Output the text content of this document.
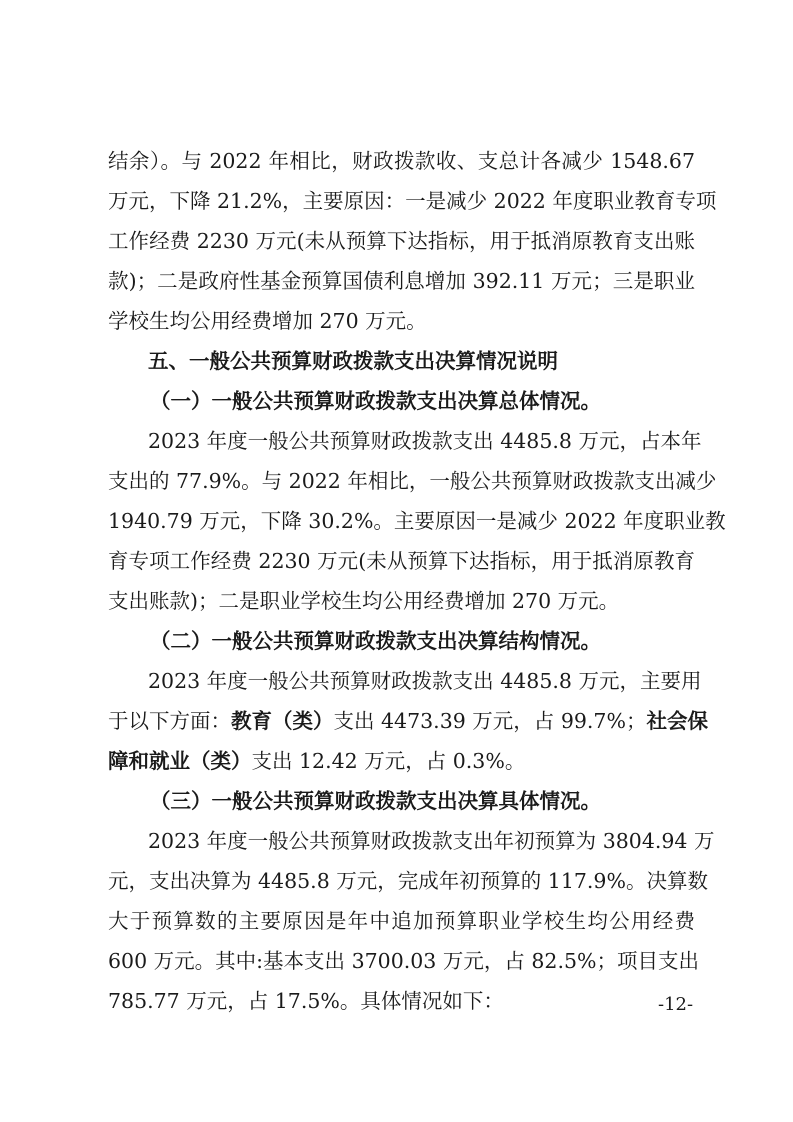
结余）。与 2022 年相比，财政拨款收、支总计各减少 1548.67
万元，下降 21.2%，主要原因：一是减少 2022 年度职业教育专项
工作经费 2230 万元(未从预算下达指标，用于抵消原教育支出账
款)；二是政府性基金预算国债利息增加 392.11 万元；三是职业
学校生均公用经费增加 270 万元。
五、一般公共预算财政拨款支出决算情况说明
（一）一般公共预算财政拨款支出决算总体情况。
2023 年度一般公共预算财政拨款支出 4485.8 万元，占本年
支出的 77.9%。与 2022 年相比，一般公共预算财政拨款支出减少
1940.79 万元，下降 30.2%。主要原因一是减少 2022 年度职业教
育专项工作经费 2230 万元(未从预算下达指标，用于抵消原教育
支出账款)；二是职业学校生均公用经费增加 270 万元。
（二）一般公共预算财政拨款支出决算结构情况。
2023 年度一般公共预算财政拨款支出 4485.8 万元，主要用
于以下方面：教育（类）支出 4473.39 万元，占 99.7%；社会保
障和就业（类）支出 12.42 万元，占 0.3%。
（三）一般公共预算财政拨款支出决算具体情况。
2023 年度一般公共预算财政拨款支出年初预算为 3804.94 万
元，支出决算为 4485.8 万元，完成年初预算的 117.9%。决算数
大于预算数的主要原因是年中追加预算职业学校生均公用经费
600 万元。其中:基本支出 3700.03 万元，占 82.5%；项目支出
785.77 万元，占 17.5%。具体情况如下：	-12-
